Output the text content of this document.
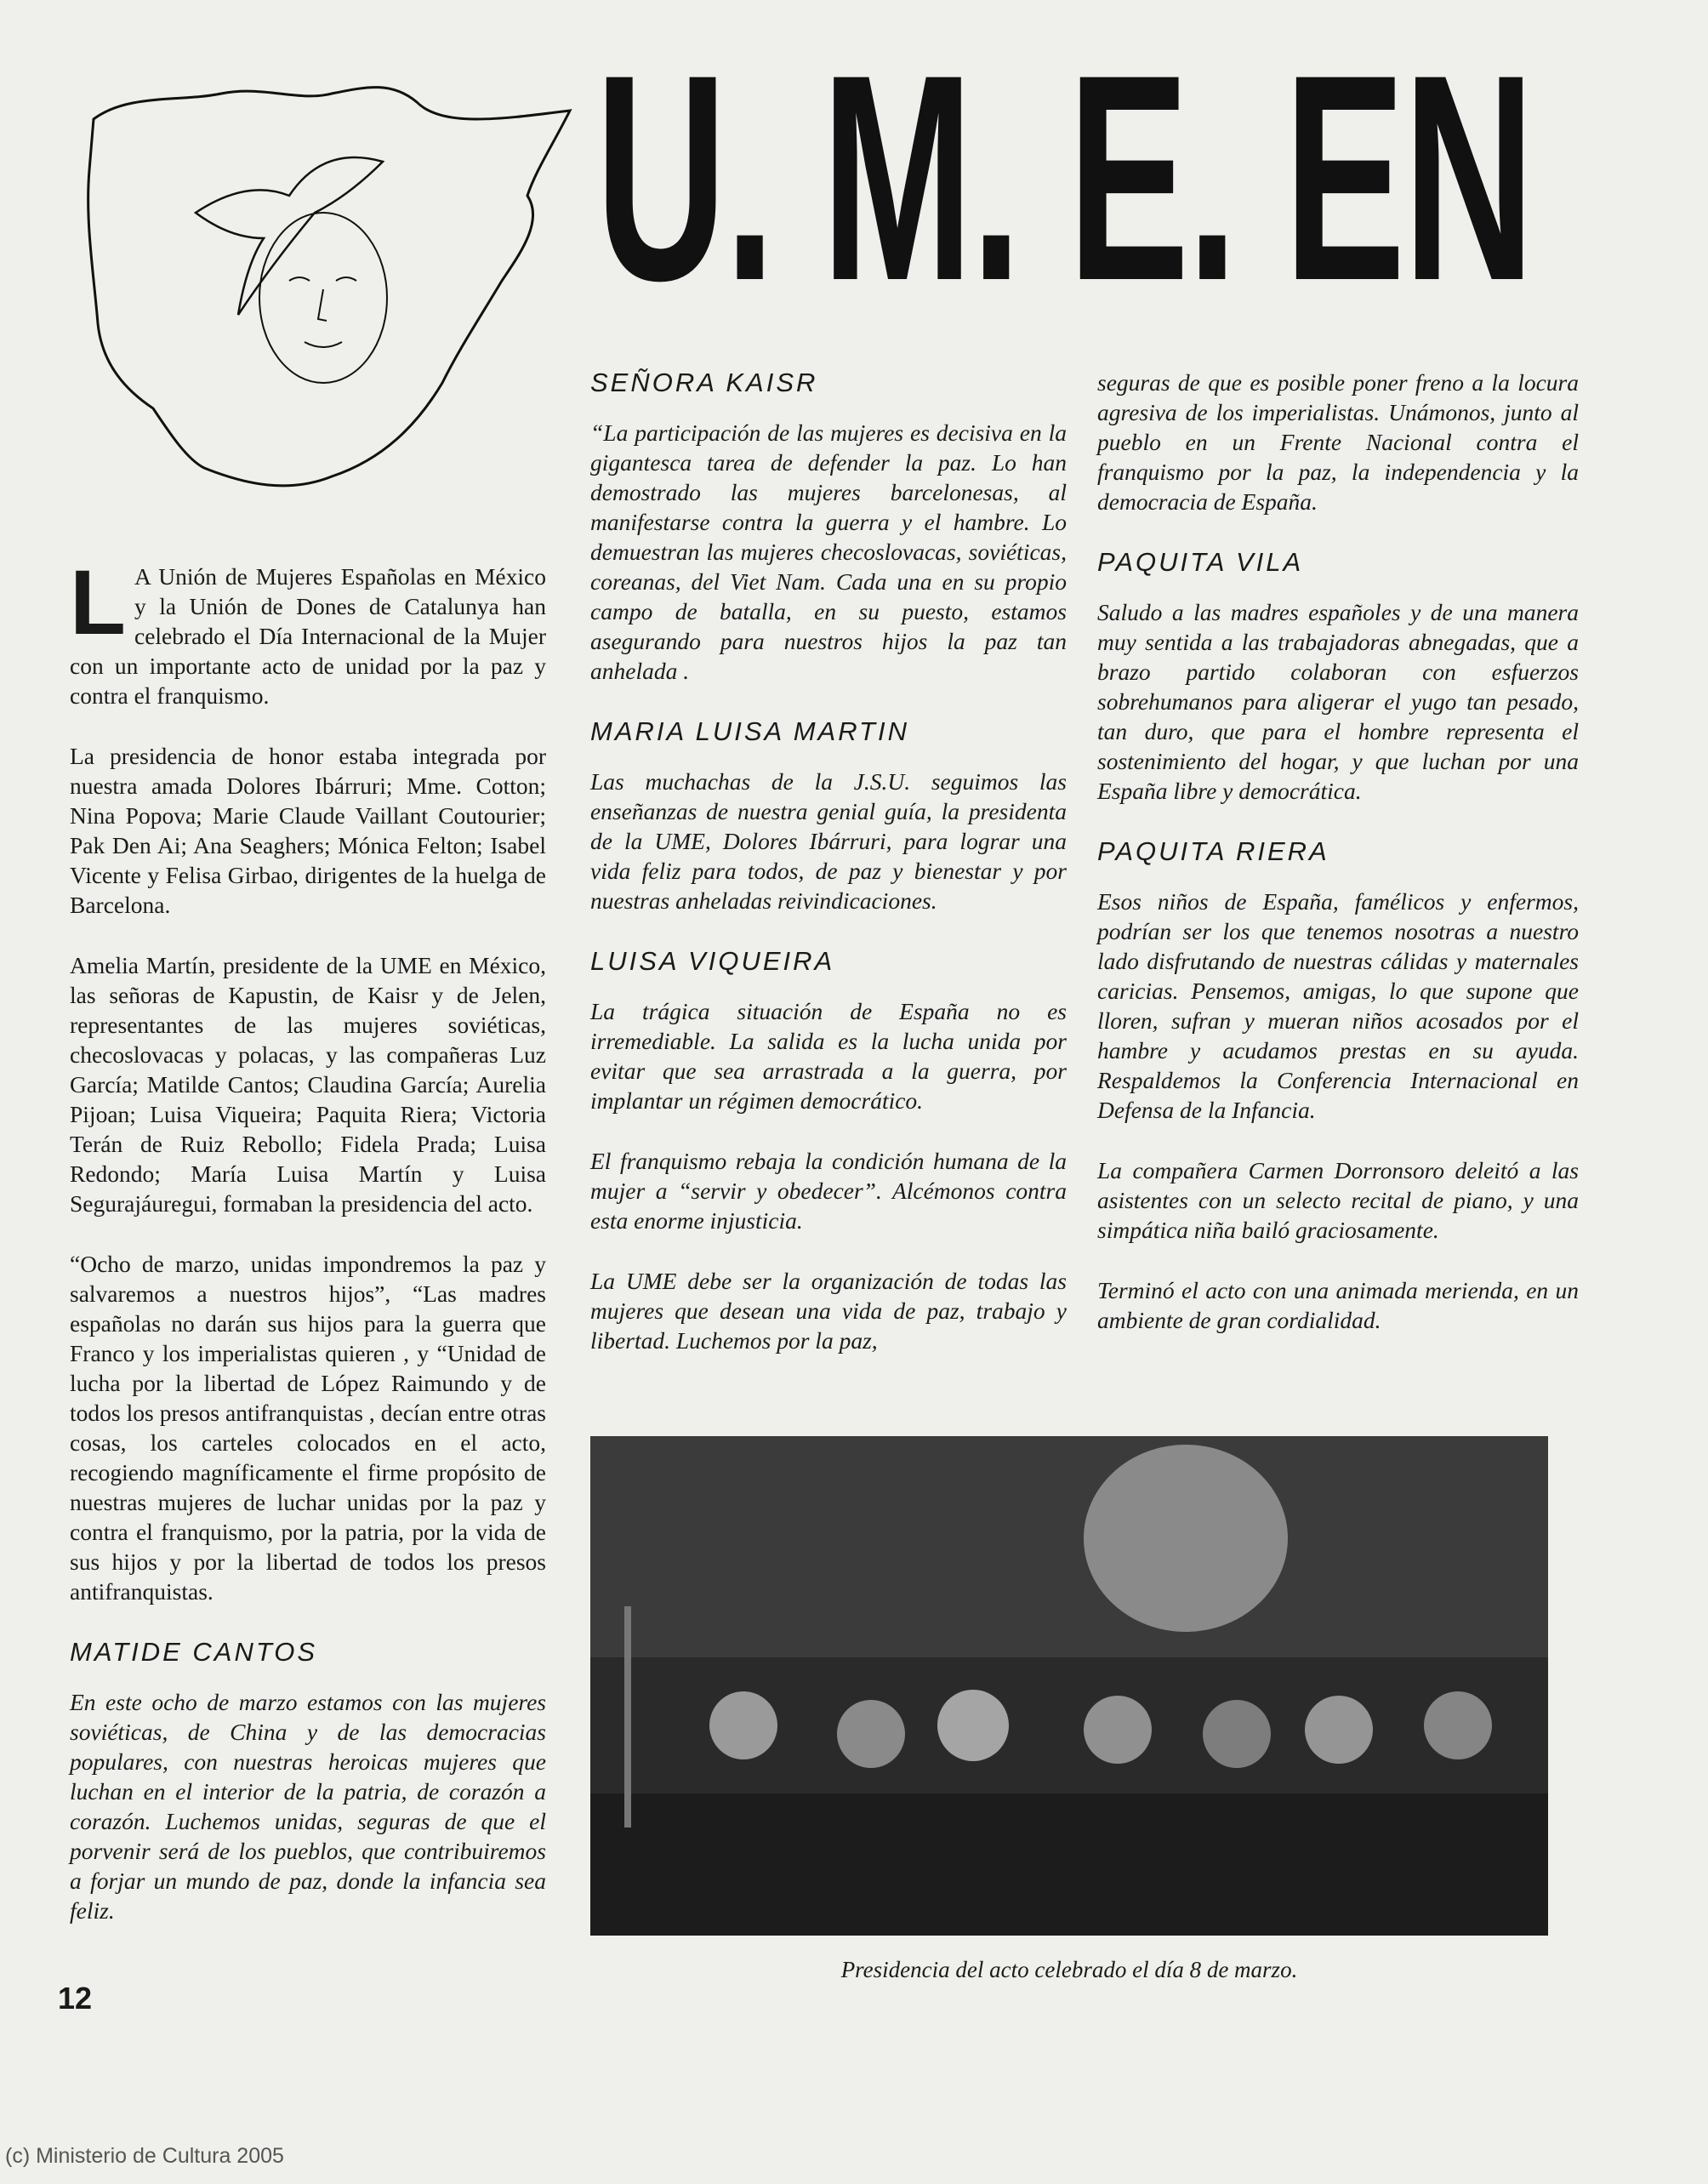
U. M. E. EN

L A Unión de Mujeres Españolas en México y la Unión de Dones de Catalunya han celebrado el Día Internacional de la Mujer con un importante acto de unidad por la paz y contra el franquismo.

La presidencia de honor estaba integrada por nuestra amada Dolores Ibárruri; Mme. Cotton; Nina Popova; Marie Claude Vaillant Coutourier; Pak Den Ai; Ana Seaghers; Mónica Felton; Isabel Vicente y Felisa Girbao, dirigentes de la huelga de Barcelona.

Amelia Martín, presidente de la UME en México, las señoras de Kapustin, de Kaisr y de Jelen, representantes de las mujeres soviéticas, checoslovacas y polacas, y las compañeras Luz García; Matilde Cantos; Claudina García; Aurelia Pijoan; Luisa Viqueira; Paquita Riera; Victoria Terán de Ruiz Rebollo; Fidela Prada; Luisa Redondo; María Luisa Martín y Luisa Segurajáuregui, formaban la presidencia del acto.

“Ocho de marzo, unidas impondremos la paz y salvaremos a nuestros hijos”, “Las madres españolas no darán sus hijos para la guerra que Franco y los imperialistas quieren , y “Unidad de lucha por la libertad de López Raimundo y de todos los presos antifranquistas , decían entre otras cosas, los carteles colocados en el acto, recogiendo magníficamente el firme propósito de nuestras mujeres de luchar unidas por la paz y contra el franquismo, por la patria, por la vida de sus hijos y por la libertad de todos los presos antifranquistas.

MATIDE CANTOS

En este ocho de marzo estamos con las mujeres soviéticas, de China y de las democracias populares, con nuestras heroicas mujeres que luchan en el interior de la patria, de corazón a corazón. Luchemos unidas, seguras de que el porvenir será de los pueblos, que contribuiremos a forjar un mundo de paz, donde la infancia sea feliz.

SEÑORA KAISR

“La participación de las mujeres es decisiva en la gigantesca tarea de defender la paz. Lo han demostrado las mujeres barcelonesas, al manifestarse contra la guerra y el hambre. Lo demuestran las mujeres checoslovacas, soviéticas, coreanas, del Viet Nam. Cada una en su propio campo de batalla, en su puesto, estamos asegurando para nuestros hijos la paz tan anhelada .

MARIA LUISA MARTIN

Las muchachas de la J.S.U. seguimos las enseñanzas de nuestra genial guía, la presidenta de la UME, Dolores Ibárruri, para lograr una vida feliz para todos, de paz y bienestar y por nuestras anheladas reivindicaciones.

LUISA VIQUEIRA

La trágica situación de España no es irremediable. La salida es la lucha unida por evitar que sea arrastrada a la guerra, por implantar un régimen democrático.

El franquismo rebaja la condición humana de la mujer a “servir y obedecer”. Alcémonos contra esta enorme injusticia.

La UME debe ser la organización de todas las mujeres que desean una vida de paz, trabajo y libertad. Luchemos por la paz,

seguras de que es posible poner freno a la locura agresiva de los imperialistas. Unámonos, junto al pueblo en un Frente Nacional contra el franquismo por la paz, la independencia y la democracia de España.

PAQUITA VILA

Saludo a las madres españoles y de una manera muy sentida a las trabajadoras abnegadas, que a brazo partido colaboran con esfuerzos sobrehumanos para aligerar el yugo tan pesado, tan duro, que para el hombre representa el sostenimiento del hogar, y que luchan por una España libre y democrática.

PAQUITA RIERA

Esos niños de España, famélicos y enfermos, podrían ser los que tenemos nosotras a nuestro lado disfrutando de nuestras cálidas y maternales caricias. Pensemos, amigas, lo que supone que lloren, sufran y mueran niños acosados por el hambre y acudamos prestas en su ayuda. Respaldemos la Conferencia Internacional en Defensa de la Infancia.

La compañera Carmen Dorronsoro deleitó a las asistentes con un selecto recital de piano, y una simpática niña bailó graciosamente.

Terminó el acto con una animada merienda, en un ambiente de gran cordialidad.

Presidencia del acto celebrado el día 8 de marzo.
12
(c) Ministerio de Cultura 2005
